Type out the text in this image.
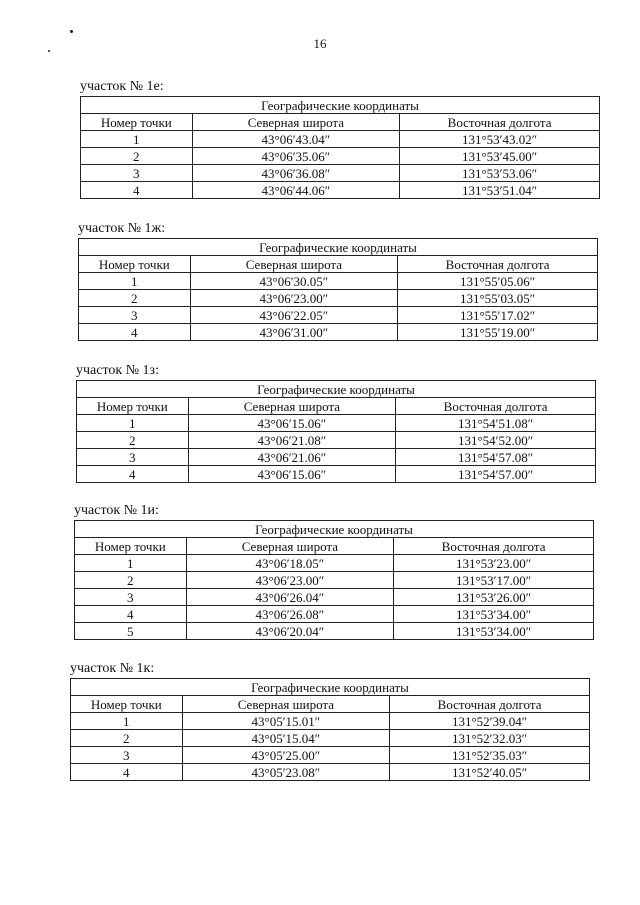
16
участок № 1е:
Географические координаты		
Номер точки	Северная широта	Восточная долгота
1	43°06′43.04″	131°53′43.02″
2	43°06′35.06″	131°53′45.00″
3	43°06′36.08″	131°53′53.06″
4	43°06′44.06″	131°53′51.04″
участок № 1ж:
Географические координаты		
Номер точки	Северная широта	Восточная долгота
1	43°06′30.05″	131°55′05.06″
2	43°06′23.00″	131°55′03.05″
3	43°06′22.05″	131°55′17.02″
4	43°06′31.00″	131°55′19.00″
участок № 1з:
Географические координаты		
Номер точки	Северная широта	Восточная долгота
1	43°06′15.06″	131°54′51.08″
2	43°06′21.08″	131°54′52.00″
3	43°06′21.06″	131°54′57.08″
4	43°06′15.06″	131°54′57.00″
участок № 1и:
Географические координаты		
Номер точки	Северная широта	Восточная долгота
1	43°06′18.05″	131°53′23.00″
2	43°06′23.00″	131°53′17.00″
3	43°06′26.04″	131°53′26.00″
4	43°06′26.08″	131°53′34.00″
5	43°06′20.04″	131°53′34.00″
участок № 1к:
Географические координаты		
Номер точки	Северная широта	Восточная долгота
1	43°05′15.01″	131°52′39.04″
2	43°05′15.04″	131°52′32.03″
3	43°05′25.00″	131°52′35.03″
4	43°05′23.08″	131°52′40.05″
